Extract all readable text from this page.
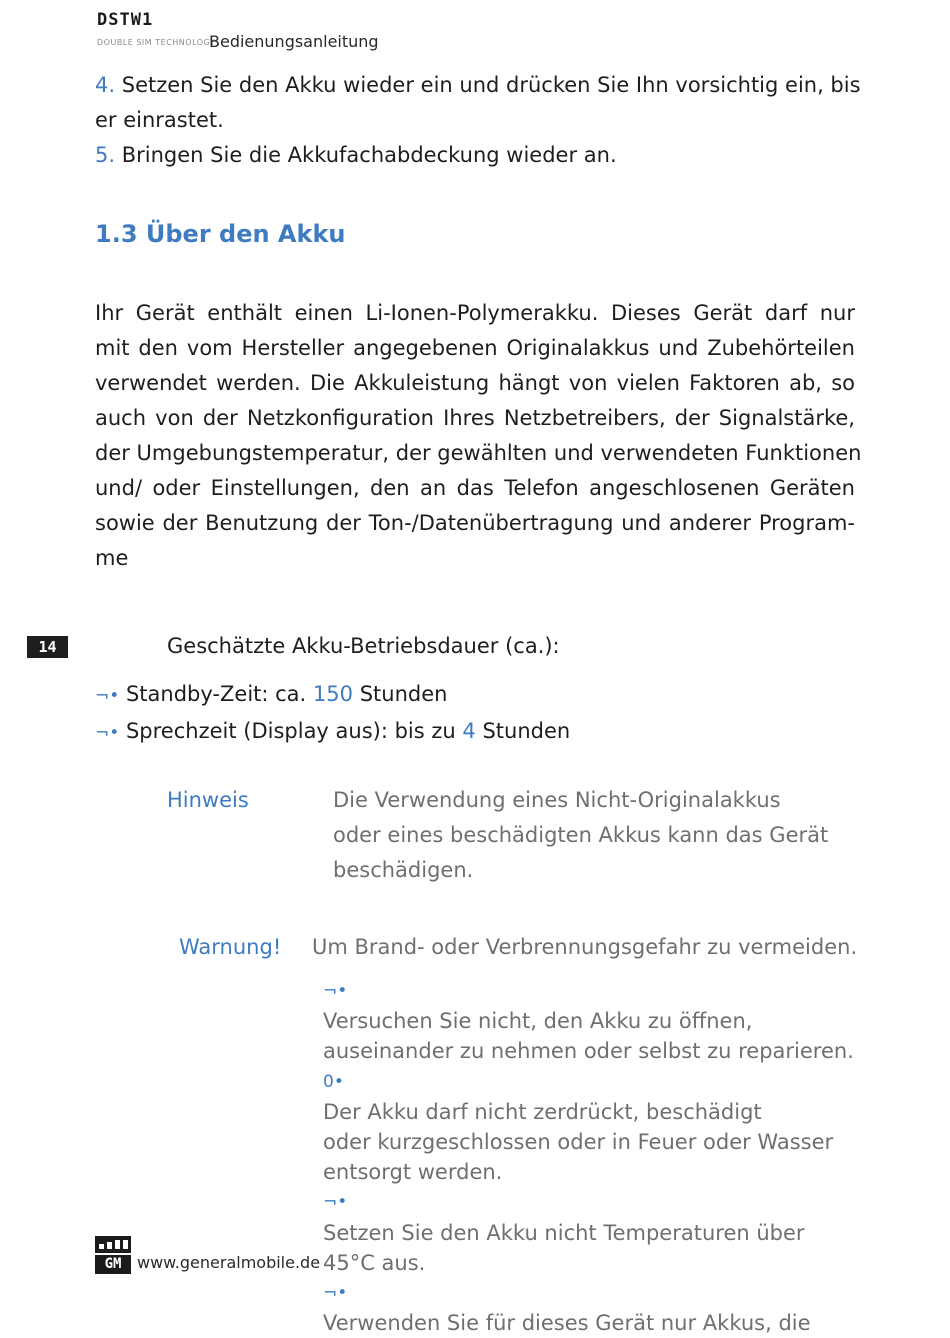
DSTW1
DOUBLE SIM TECHNOLOGY
Bedienungsanleitung
4. Setzen Sie den Akku wieder ein und drücken Sie Ihn vorsichtig ein, bis
er einrastet.
5. Bringen Sie die Akkufachabdeckung wieder an.
1.3 Über den Akku
Ihr Gerät enthält einen Li-Ionen-Polymerakku. Dieses Gerät darf nur
mit den vom Hersteller angegebenen Originalakkus und Zubehörteilen
verwendet werden. Die Akkuleistung hängt von vielen Faktoren ab, so
auch von der Netzkonfiguration Ihres Netzbetreibers, der Signalstärke,
der Umgebungstemperatur, der gewählten und verwendeten Funktionen
und/ oder Einstellungen, den an das Telefon angeschlosenen Geräten
sowie der Benutzung der Ton-/Datenübertragung und anderer Program-
me
14	Geschätzte Akku-Betriebsdauer (ca.):
¬• Standby-Zeit: ca. 150 Stunden
¬• Sprechzeit (Display aus): bis zu 4 Stunden
Hinweis	Die Verwendung eines Nicht-Originalakkus
oder eines beschädigten Akkus kann das Gerät
beschädigen.
Warnung! Um Brand- oder Verbrennungsgefahr zu vermeiden.
¬•
Versuchen Sie nicht, den Akku zu öffnen,
auseinander zu nehmen oder selbst zu reparieren.
0•
Der Akku darf nicht zerdrückt, beschädigt
oder kurzgeschlossen oder in Feuer oder Wasser
entsorgt werden.
¬•
Setzen Sie den Akku nicht Temperaturen über
45°C aus.
¬•
Verwenden Sie für dieses Gerät nur Akkus, die
GM www.generalmobile.de
